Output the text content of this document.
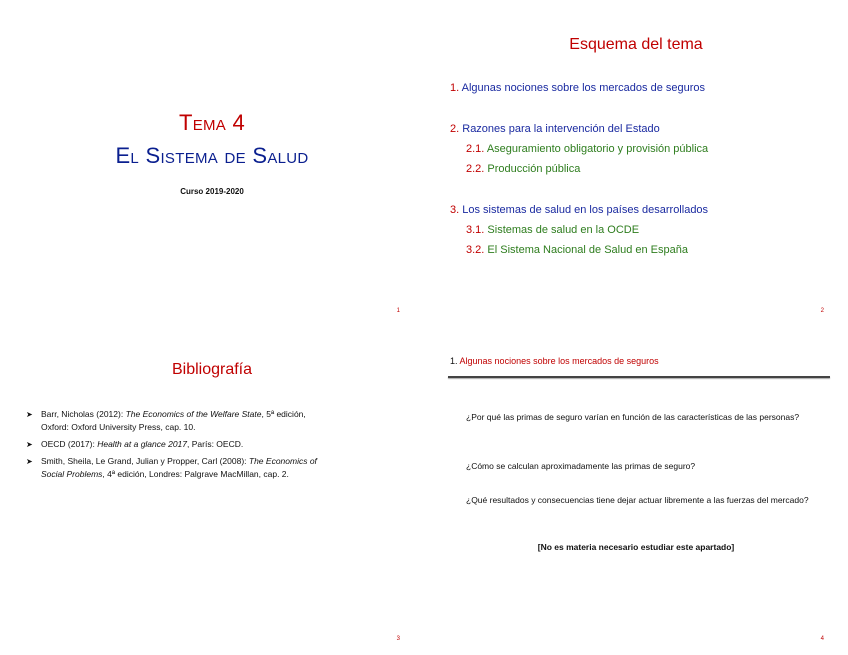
Tema 4
El Sistema de Salud
Curso 2019-2020
1
Esquema del tema
1. Algunas nociones sobre los mercados de seguros
2. Razones para la intervención del Estado
2.1. Aseguramiento obligatorio y provisión pública
2.2. Producción pública
3. Los sistemas de salud en los países desarrollados
3.1. Sistemas de salud en la OCDE
3.2. El Sistema Nacional de Salud en España
2
Bibliografía
➤ Barr, Nicholas (2012): The Economics of the Welfare State, 5ª edición,
Oxford: Oxford University Press, cap. 10.
➤ OECD (2017): Health at a glance 2017, París: OECD.
➤ Smith, Sheila, Le Grand, Julian y Propper, Carl (2008): The Economics of
Social Problems, 4ª edición, Londres: Palgrave MacMillan, cap. 2.
3
1. Algunas nociones sobre los mercados de seguros
¿Por qué las primas de seguro varían en función de las características de las personas?
¿Cómo se calculan aproximadamente las primas de seguro?
¿Qué resultados y consecuencias tiene dejar actuar libremente a las fuerzas del mercado?
[No es materia necesario estudiar este apartado]
4
